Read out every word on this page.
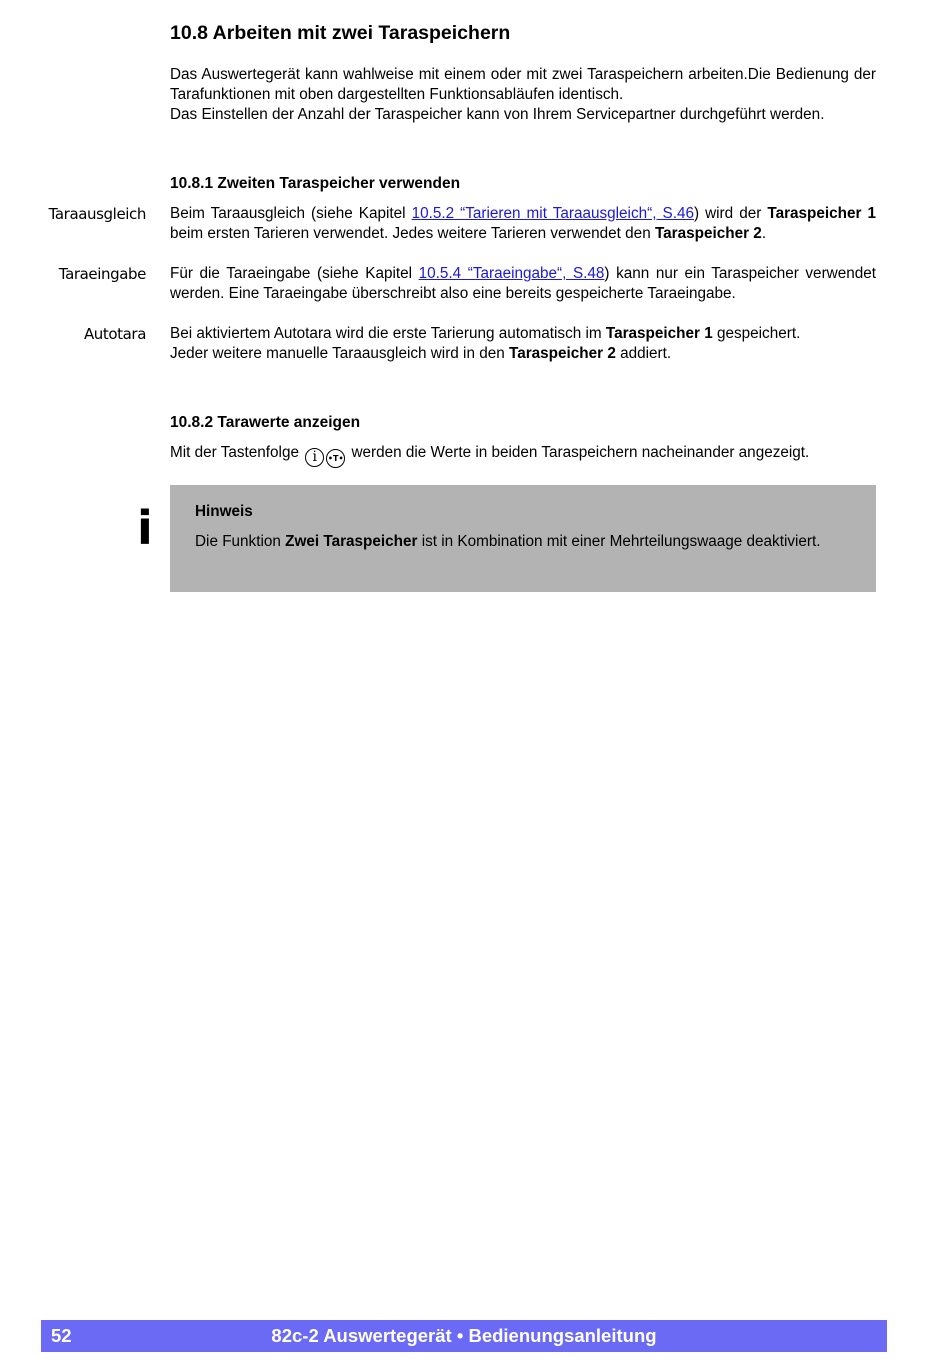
10.8 Arbeiten mit zwei Taraspeichern

Das Auswertegerät kann wahlweise mit einem oder mit zwei Taraspeichern arbeiten.Die Bedienung der Tarafunktionen mit oben dargestellten Funktionsabläufen identisch.
Das Einstellen der Anzahl der Taraspeicher kann von Ihrem Servicepartner durchgeführt werden.

10.8.1 Zweiten Taraspeicher verwenden
Taraausgleich Beim Taraausgleich (siehe Kapitel 10.5.2 “Tarieren mit Taraausgleich“, S.46) wird der Taraspeicher 1 beim ersten Tarieren verwendet. Jedes weitere Tarieren verwendet den Taraspeicher 2.

Taraeingabe Für die Taraeingabe (siehe Kapitel 10.5.4 “Taraeingabe“, S.48) kann nur ein Taraspeicher verwendet werden. Eine Taraeingabe überschreibt also eine bereits gespeicherte Taraeingabe.

Autotara Bei aktiviertem Autotara wird die erste Tarierung automatisch im Taraspeicher 1 gespeichert.
Jeder weitere manuelle Taraausgleich wird in den Taraspeicher 2 addiert.

10.8.2 Tarawerte anzeigen

Mit der Tastenfolge i •T• werden die Werte in beiden Taraspeichern nacheinander angezeigt.

i	Hinweis

Die Funktion Zwei Taraspeicher ist in Kombination mit einer Mehrteilungswaage deaktiviert.

82c-2 Auswertegerät • Bedienungsanleitung
52
